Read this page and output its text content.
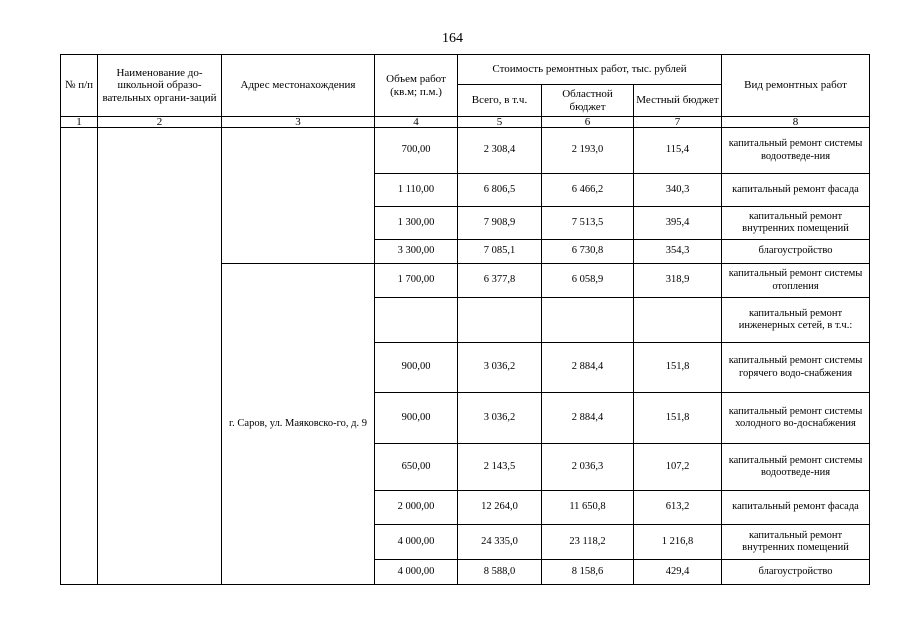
164
№ п/п	Наименование до-школьной образо-вательных органи-заций	Адрес местонахождения	Объем работ (кв.м; п.м.)	Стоимость ремонтных работ, тыс. рублей			Вид ремонтных работ
				Всего, в т.ч.	Областной бюджет	Местный бюджет	
1	2	3	4	5	6	7	8
			700,00	2 308,4	2 193,0	115,4	капитальный ремонт системы водоотведе-ния
			1 110,00	6 806,5	6 466,2	340,3	капитальный ремонт фасада
			1 300,00	7 908,9	7 513,5	395,4	капитальный ремонт внутренних помещений
			3 300,00	7 085,1	6 730,8	354,3	благоустройство
		г. Саров, ул. Маяковско-го, д. 9	1 700,00	6 377,8	6 058,9	318,9	капитальный ремонт системы отопления
							капитальный ремонт инженерных сетей, в т.ч.:
			900,00	3 036,2	2 884,4	151,8	капитальный ремонт системы горячего водо-снабжения
			900,00	3 036,2	2 884,4	151,8	капитальный ремонт системы холодного во-доснабжения
			650,00	2 143,5	2 036,3	107,2	капитальный ремонт системы водоотведе-ния
			2 000,00	12 264,0	11 650,8	613,2	капитальный ремонт фасада
			4 000,00	24 335,0	23 118,2	1 216,8	капитальный ремонт внутренних помещений
			4 000,00	8 588,0	8 158,6	429,4	благоустройство
